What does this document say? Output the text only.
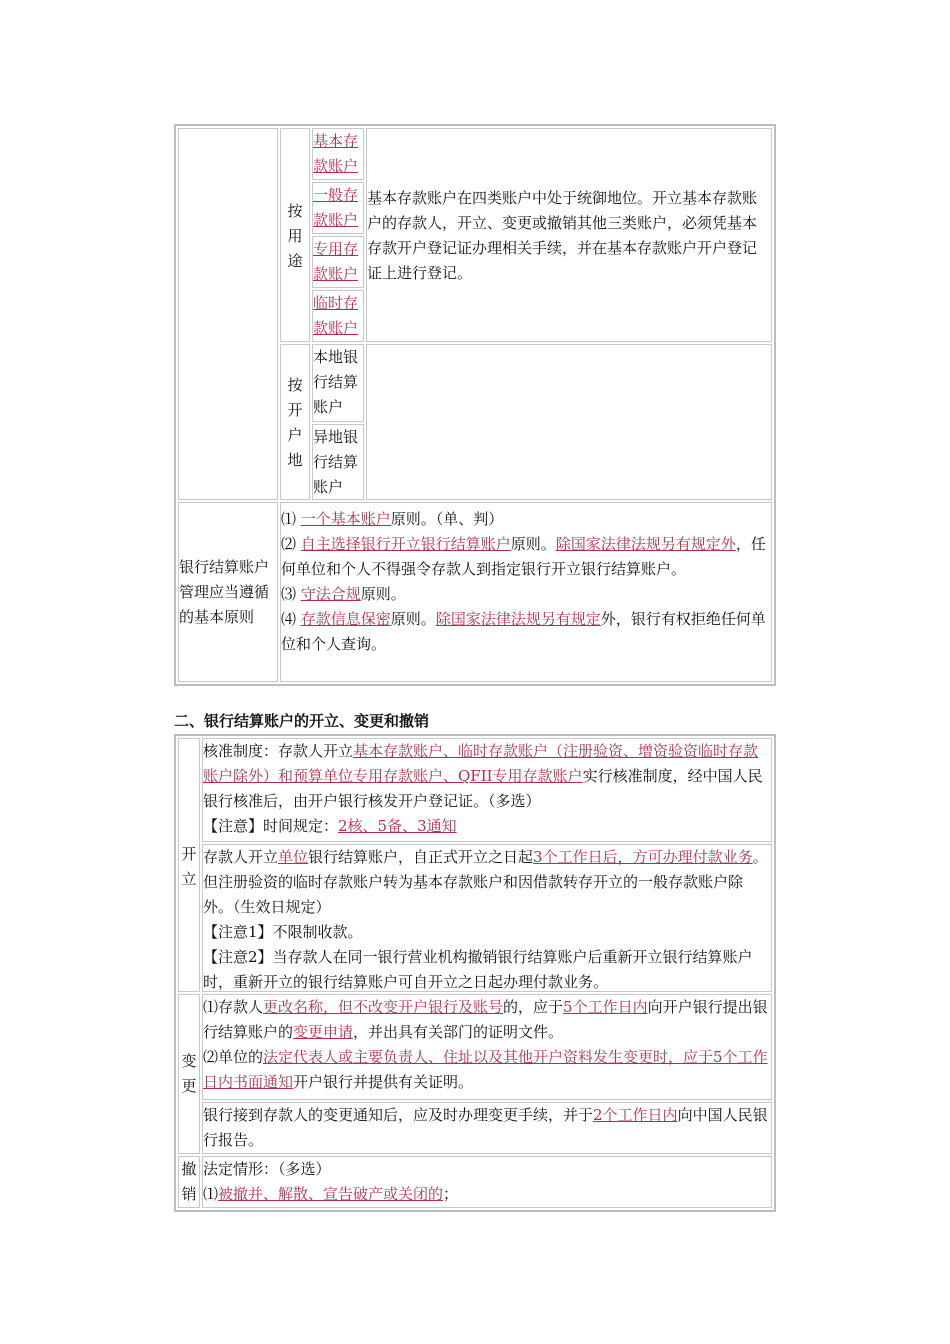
按用途
基本存款账户
一般存款账户
专用存款账户
临时存款账户
基本存款账户在四类账户中处于统御地位。开立基本存款账户的存款人，开立、变更或撤销其他三类账户，必须凭基本存款开户登记证办理相关手续，并在基本存款账户开户登记证上进行登记。
按开户地
本地银行结算账户
异地银行结算账户
银行结算账户管理应当遵循的基本原则
⑴ 一个基本账户原则。（单、判）
⑵ 自主选择银行开立银行结算账户原则。除国家法律法规另有规定外，任何单位和个人不得强令存款人到指定银行开立银行结算账户。
⑶ 守法合规原则。
⑷ 存款信息保密原则。除国家法律法规另有规定外，银行有权拒绝任何单位和个人查询。
二、银行结算账户的开立、变更和撤销
开立
核准制度：存款人开立基本存款账户、临时存款账户（注册验资、增资验资临时存款账户除外）和预算单位专用存款账户、QFII专用存款账户实行核准制度，经中国人民银行核准后，由开户银行核发开户登记证。（多选）
【注意】时间规定：2核、5备、3通知
存款人开立单位银行结算账户，自正式开立之日起3个工作日后，方可办理付款业务。但注册验资的临时存款账户转为基本存款账户和因借款转存开立的一般存款账户除外。（生效日规定）
【注意1】不限制收款。
【注意2】当存款人在同一银行营业机构撤销银行结算账户后重新开立银行结算账户时，重新开立的银行结算账户可自开立之日起办理付款业务。
变更
⑴存款人更改名称，但不改变开户银行及账号的，应于5个工作日内向开户银行提出银行结算账户的变更申请，并出具有关部门的证明文件。
⑵单位的法定代表人或主要负责人、住址以及其他开户资料发生变更时，应于5个工作日内书面通知开户银行并提供有关证明。
银行接到存款人的变更通知后，应及时办理变更手续，并于2个工作日内向中国人民银行报告。
撤销
法定情形：（多选）
⑴被撤并、解散、宣告破产或关闭的；
